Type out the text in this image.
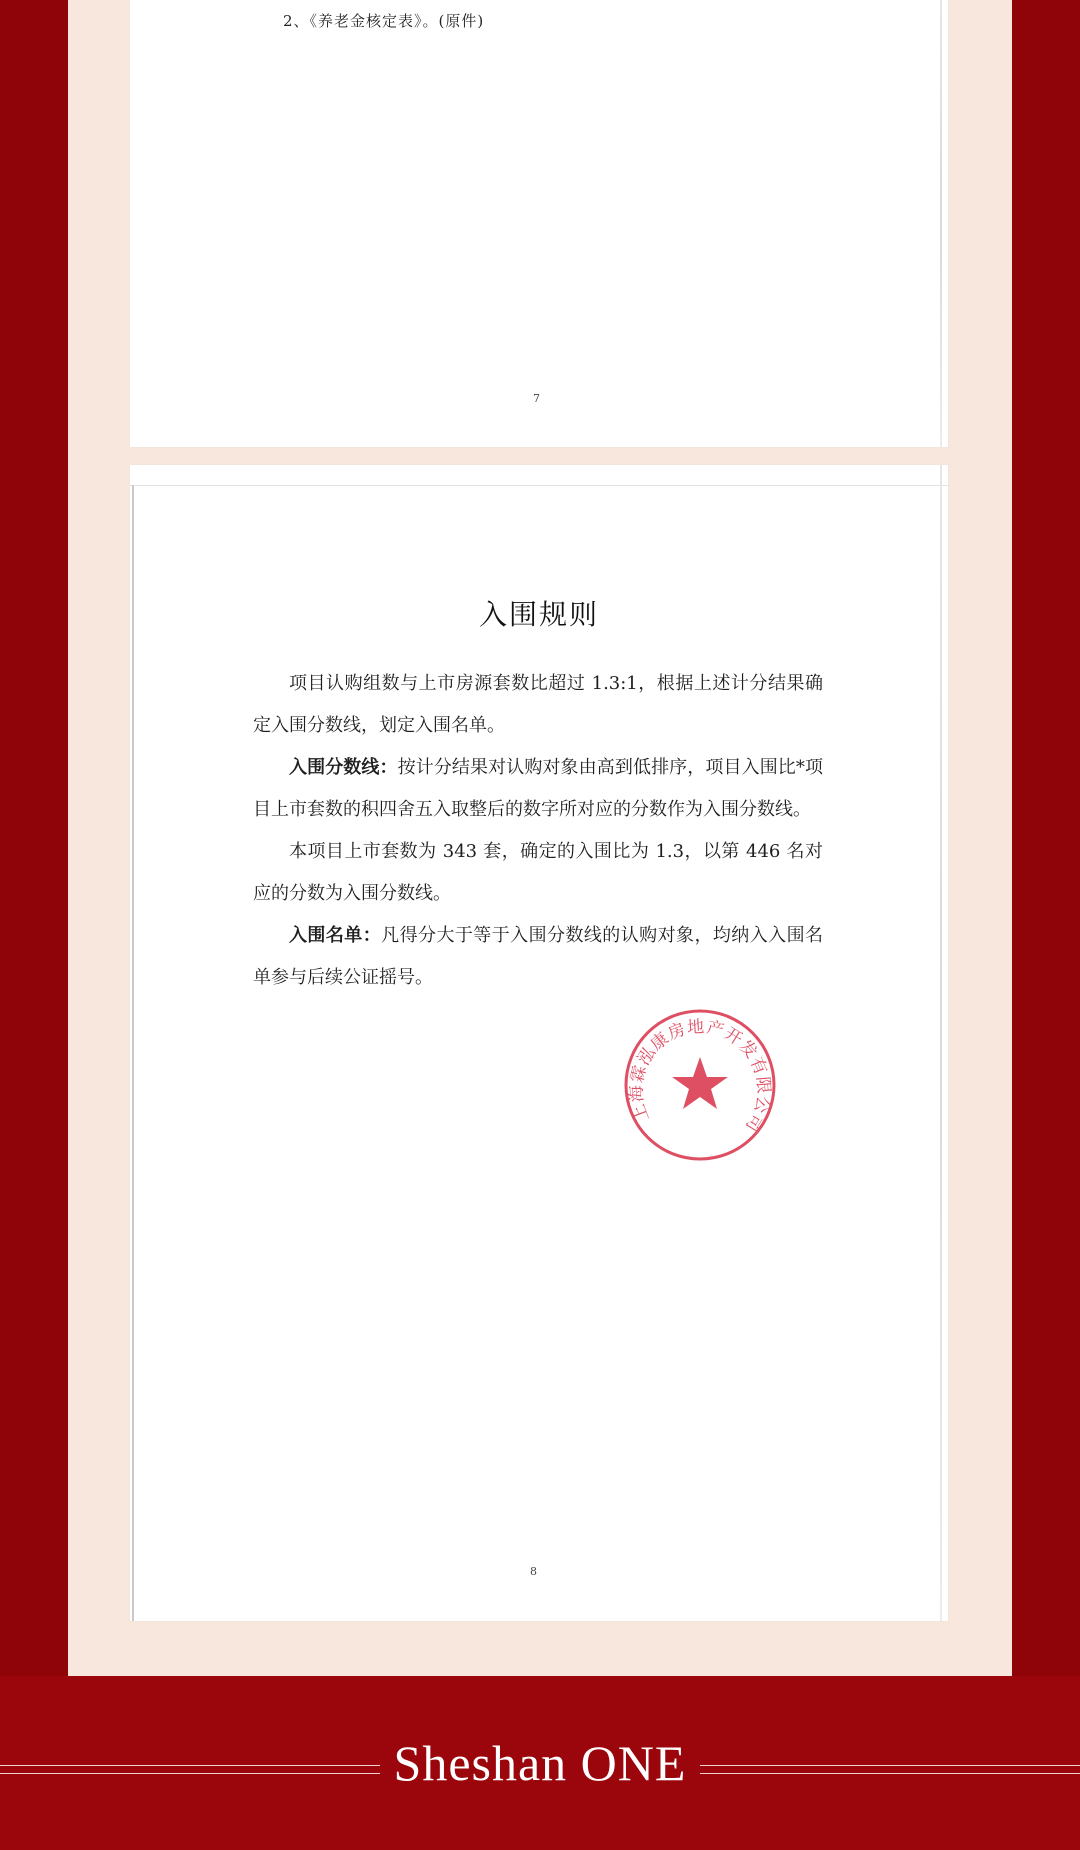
2、《养老金核定表》。(原件)
7
入围规则

项目认购组数与上市房源套数比超过 1.3:1，根据上述计分结果确定入围分数线，划定入围名单。

入围分数线：按计分结果对认购对象由高到低排序，项目入围比*项目上市套数的积四舍五入取整后的数字所对应的分数作为入围分数线。

本项目上市套数为 343 套，确定的入围比为 1.3，以第 446 名对应的分数为入围分数线。

入围名单：凡得分大于等于入围分数线的认购对象，均纳入入围名单参与后续公证摇号。

上海霖泓康房地产开发有限公司
8
Sheshan ONE
